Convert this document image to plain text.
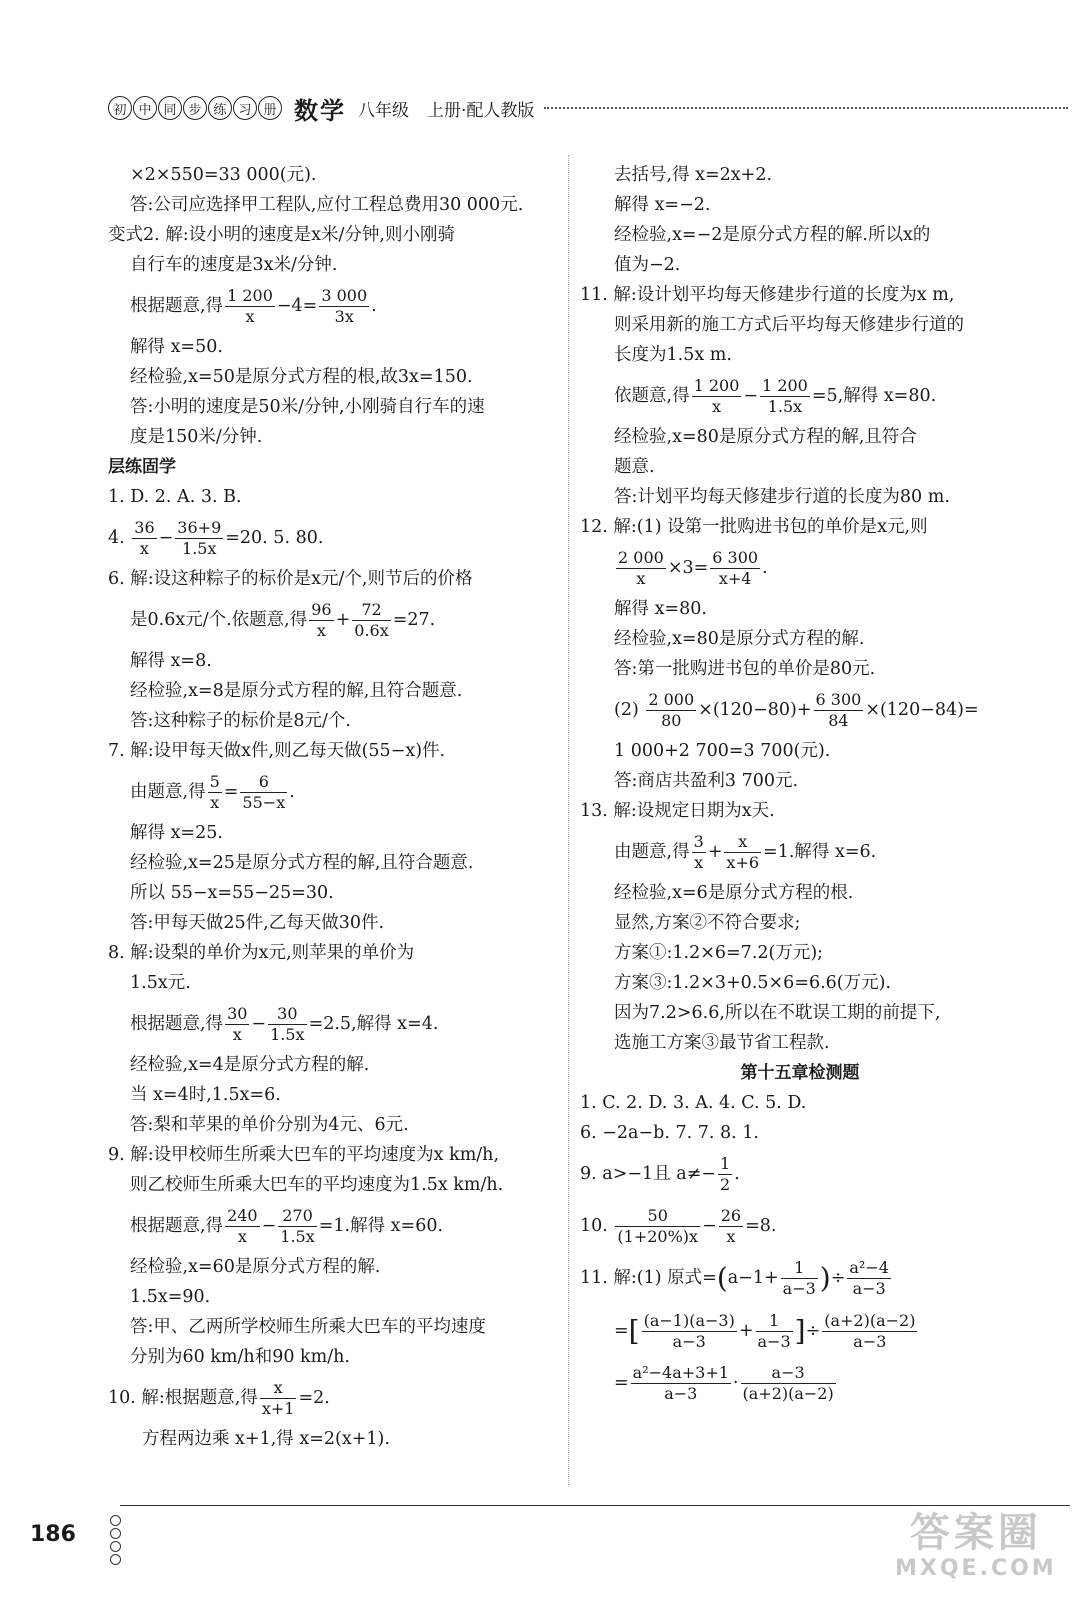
初 中 同 步 练 习 册 数学 八年级 上册·配人教版
×2×550=33 000(元).
答:公司应选择甲工程队,应付工程总费用30 000元.
变式2. 解:设小明的速度是x米/分钟,则小刚骑
自行车的速度是3x米/分钟.
根据题意,得 $\frac{1 200}{x} -4= \frac{3 000}{3x}$ .
解得 x=50.
经检验,x=50是原分式方程的根,故3x=150.
答:小明的速度是50米/分钟,小刚骑自行车的速
度是150米/分钟.
层练固学
1. D. 2. A. 3. B.
4. $\frac{36}{x} - \frac{36+9}{1.5x} =20$. 5. 80.
6. 解:设这种粽子的标价是x元/个,则节后的价格
是0.6x元/个.依题意,得 $\frac{96}{x} + \frac{72}{0.6x} =27$.
解得 x=8.
经检验,x=8是原分式方程的解,且符合题意.
答:这种粽子的标价是8元/个.
7. 解:设甲每天做x件,则乙每天做(55−x)件.
由题意,得 $\frac{5}{x} = \frac{6}{55-x}$ .
解得 x=25.
经检验,x=25是原分式方程的解,且符合题意.
所以 55−x=55−25=30.
答:甲每天做25件,乙每天做30件.
8. 解:设梨的单价为x元,则苹果的单价为
1.5x元.
根据题意,得 $\frac{30}{x} - \frac{30}{1.5x} =2.5$,解得 x=4.
经检验,x=4是原分式方程的解.
当 x=4时,1.5x=6.
答:梨和苹果的单价分别为4元、6元.
9. 解:设甲校师生所乘大巴车的平均速度为x km/h,
则乙校师生所乘大巴车的平均速度为1.5x km/h.
根据题意,得 $\frac{240}{x} - \frac{270}{1.5x} =1$.解得 x=60.
经检验,x=60是原分式方程的解.
1.5x=90.
答:甲、乙两所学校师生所乘大巴车的平均速度
分别为60 km/h和90 km/h.
10. 解:根据题意,得 $\frac{x}{x+1} =2$.
方程两边乘 x+1,得 x=2(x+1).
去括号,得 x=2x+2.
解得 x=−2.
经检验,x=−2是原分式方程的解.所以x的
值为−2.
11. 解:设计划平均每天修建步行道的长度为x m,
则采用新的施工方式后平均每天修建步行道的
长度为1.5x m.
依题意,得 $\frac{1 200}{x} - \frac{1 200}{1.5x} =5$,解得 x=80.
经检验,x=80是原分式方程的解,且符合
题意.
答:计划平均每天修建步行道的长度为80 m.
12. 解:(1) 设第一批购进书包的单价是x元,则
$\frac{2 000}{x} \times 3= \frac{6 300}{x+4}$ .
解得 x=80.
经检验,x=80是原分式方程的解.
答:第一批购进书包的单价是80元.
$(2) \frac{2 000}{80} \times(120-80)+ \frac{6 300}{84} \times(120-84)=$
1 000+2 700=3 700(元).
答:商店共盈利3 700元.
13. 解:设规定日期为x天.
由题意,得 $\frac{3}{x} + \frac{x}{x+6} =1$.解得 x=6.
经检验,x=6是原分式方程的根.
显然,方案②不符合要求;
方案①:1.2×6=7.2(万元);
方案③:1.2×3+0.5×6=6.6(万元).
因为7.2>6.6,所以在不耽误工期的前提下,
选施工方案③最节省工程款.
第十五章检测题
1. C. 2. D. 3. A. 4. C. 5. D.
6. −2a−b. 7. 7. 8. 1.
9. a>−1且 $a\ne- \frac{1}{2}$ .
10. $\frac{50}{(1+20\%)x} - \frac{26}{x} =8$.
11. 解:(1) 原式$=(a-1+ \frac{1}{a-3}$ )÷ $\frac{\text{a²−4}}{a-3}$
=[ $\frac{(a-1)(a-3)}{a-3} + \frac{1}{a-3}$ ]÷ $\frac{(a+2)(a-2)}{a-3}$
= $\frac{\text{a²−4a+3+1}}{a-3} \cdot \frac{a-3}{(a+2)(a-2)}$
186	答案圈
MXQE.COM
